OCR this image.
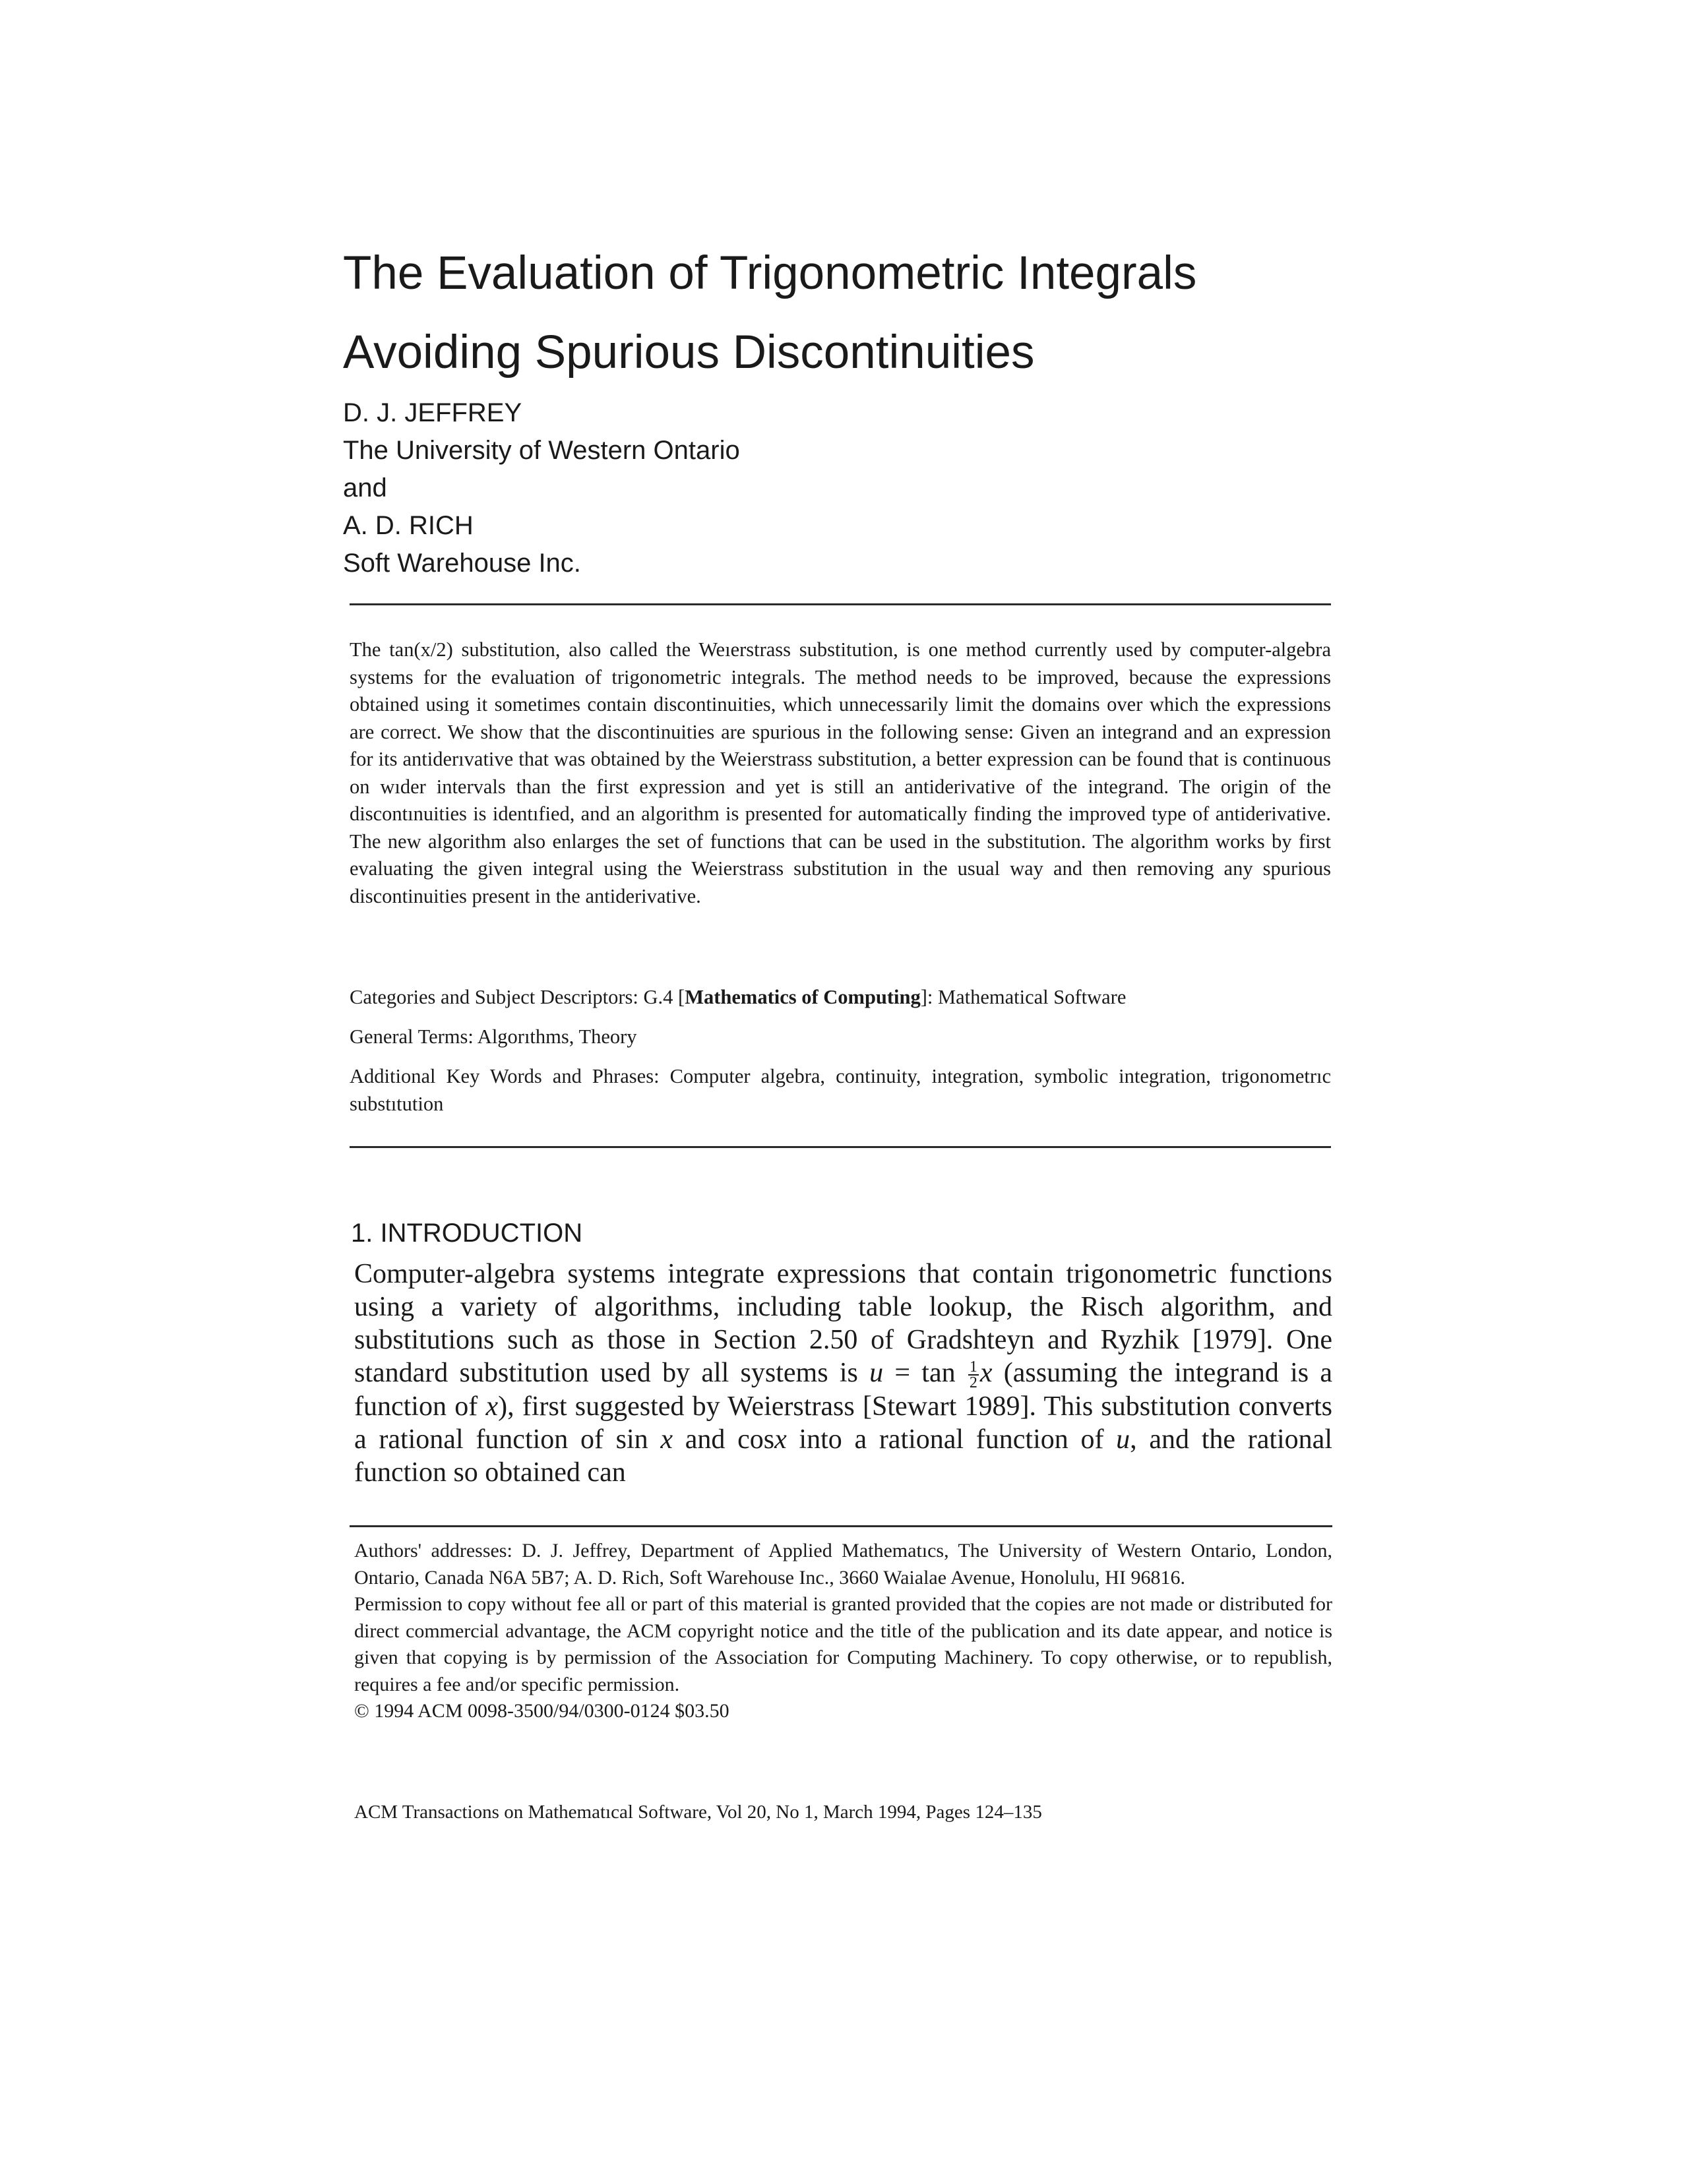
The Evaluation of Trigonometric Integrals
Avoiding Spurious Discontinuities
D. J. JEFFREY
The University of Western Ontario
and
A. D. RICH
Soft Warehouse Inc.

The tan(x/2) substitution, also called the Weıerstrass substitution, is one method currently used by computer-algebra systems for the evaluation of trigonometric integrals. The method needs to be improved, because the expressions obtained using it sometimes contain discontinuities, which unnecessarily limit the domains over which the expressions are correct. We show that the discontinuities are spurious in the following sense: Given an integrand and an expression for its antiderıvative that was obtained by the Weierstrass substitution, a better expression can be found that is continuous on wıder intervals than the first expression and yet is still an antiderivative of the integrand. The origin of the discontınuities is identıfied, and an algorithm is presented for automatically finding the improved type of antiderivative. The new algorithm also enlarges the set of functions that can be used in the substitution. The algorithm works by first evaluating the given integral using the Weierstrass substitution in the usual way and then removing any spurious discontinuities present in the antiderivative.

Categories and Subject Descriptors: G.4 [Mathematics of Computing]: Mathematical Software

General Terms: Algorıthms, Theory

Additional Key Words and Phrases: Computer algebra, continuity, integration, symbolic integration, trigonometrıc substıtution

1. INTRODUCTION

Computer-algebra systems integrate expressions that contain trigonometric functions using a variety of algorithms, including table lookup, the Risch algorithm, and substitutions such as those in Section 2.50 of Gradshteyn and Ryzhik [1979]. One standard substitution used by all systems is $u = \tan \frac{1}{2}$ x (assuming the integrand is a function of x), first suggested by Weierstrass [Stewart 1989]. This substitution converts a rational function of sin x and cosx into a rational function of u, and the rational function so obtained can

Authors' addresses: D. J. Jeffrey, Department of Applied Mathematıcs, The University of Western Ontario, London, Ontario, Canada N6A 5B7; A. D. Rich, Soft Warehouse Inc., 3660 Waialae Avenue, Honolulu, HI 96816.

Permission to copy without fee all or part of this material is granted provided that the copies are not made or distributed for direct commercial advantage, the ACM copyright notice and the title of the publication and its date appear, and notice is given that copying is by permission of the Association for Computing Machinery. To copy otherwise, or to republish, requires a fee and/or specific permission.

© 1994 ACM 0098-3500/94/0300-0124 $03.50

ACM Transactions on Mathematıcal Software, Vol 20, No 1, March 1994, Pages 124–135
